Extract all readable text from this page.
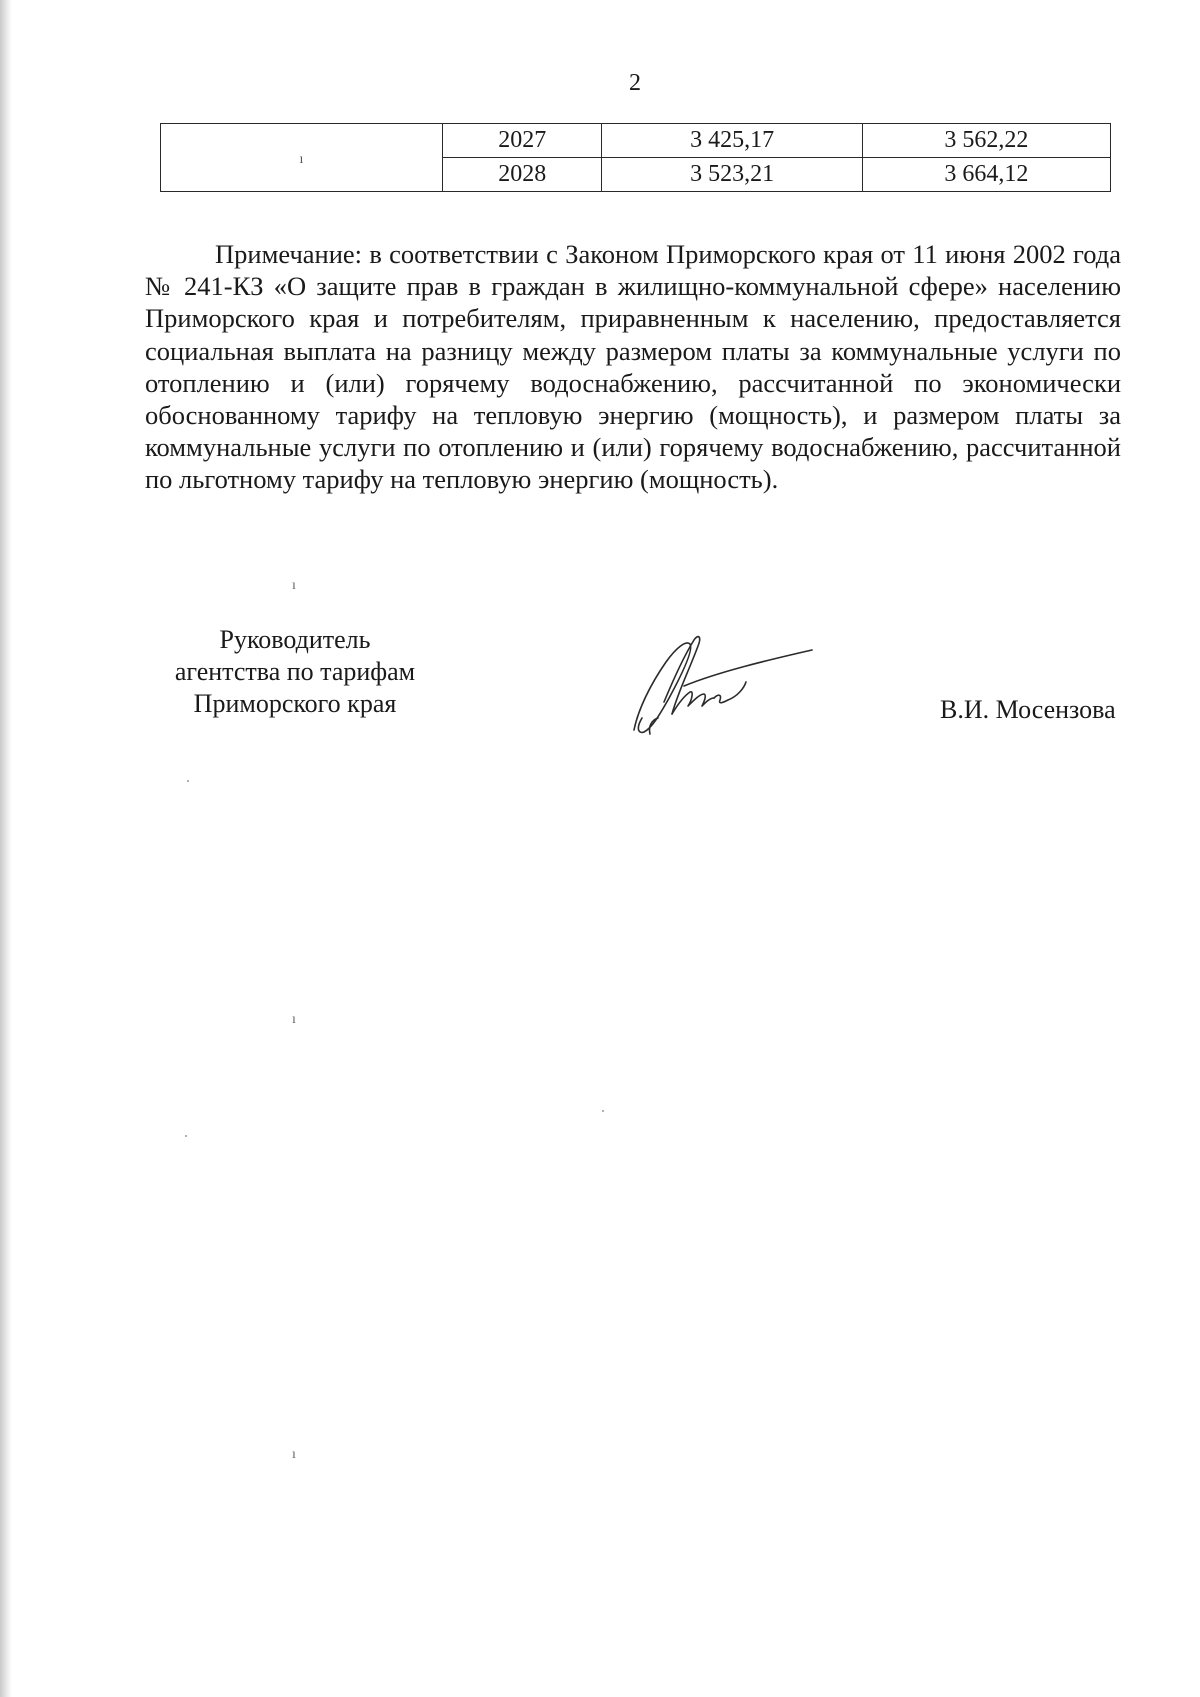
2
ı	2027	3 425,17	3 562,22
	2028	3 523,21	3 664,12

Примечание: в соответствии с Законом Приморского края от 11 июня 2002 года № 241-КЗ «О защите прав в граждан в жилищно-коммунальной сфере» населению Приморского края и потребителям, приравненным к населению, предоставляется социальная выплата на разницу между размером платы за коммунальные услуги по отоплению и (или) горячему водоснабжению, рассчитанной по экономически обоснованному тарифу на тепловую энергию (мощность), и размером платы за коммунальные услуги по отоплению и (или) горячему водоснабжению, рассчитанной по льготному тарифу на тепловую энергию (мощность).

ı
ı
ı
Руководитель
агентства по тарифам
Приморского края	В.И. Мосензова
